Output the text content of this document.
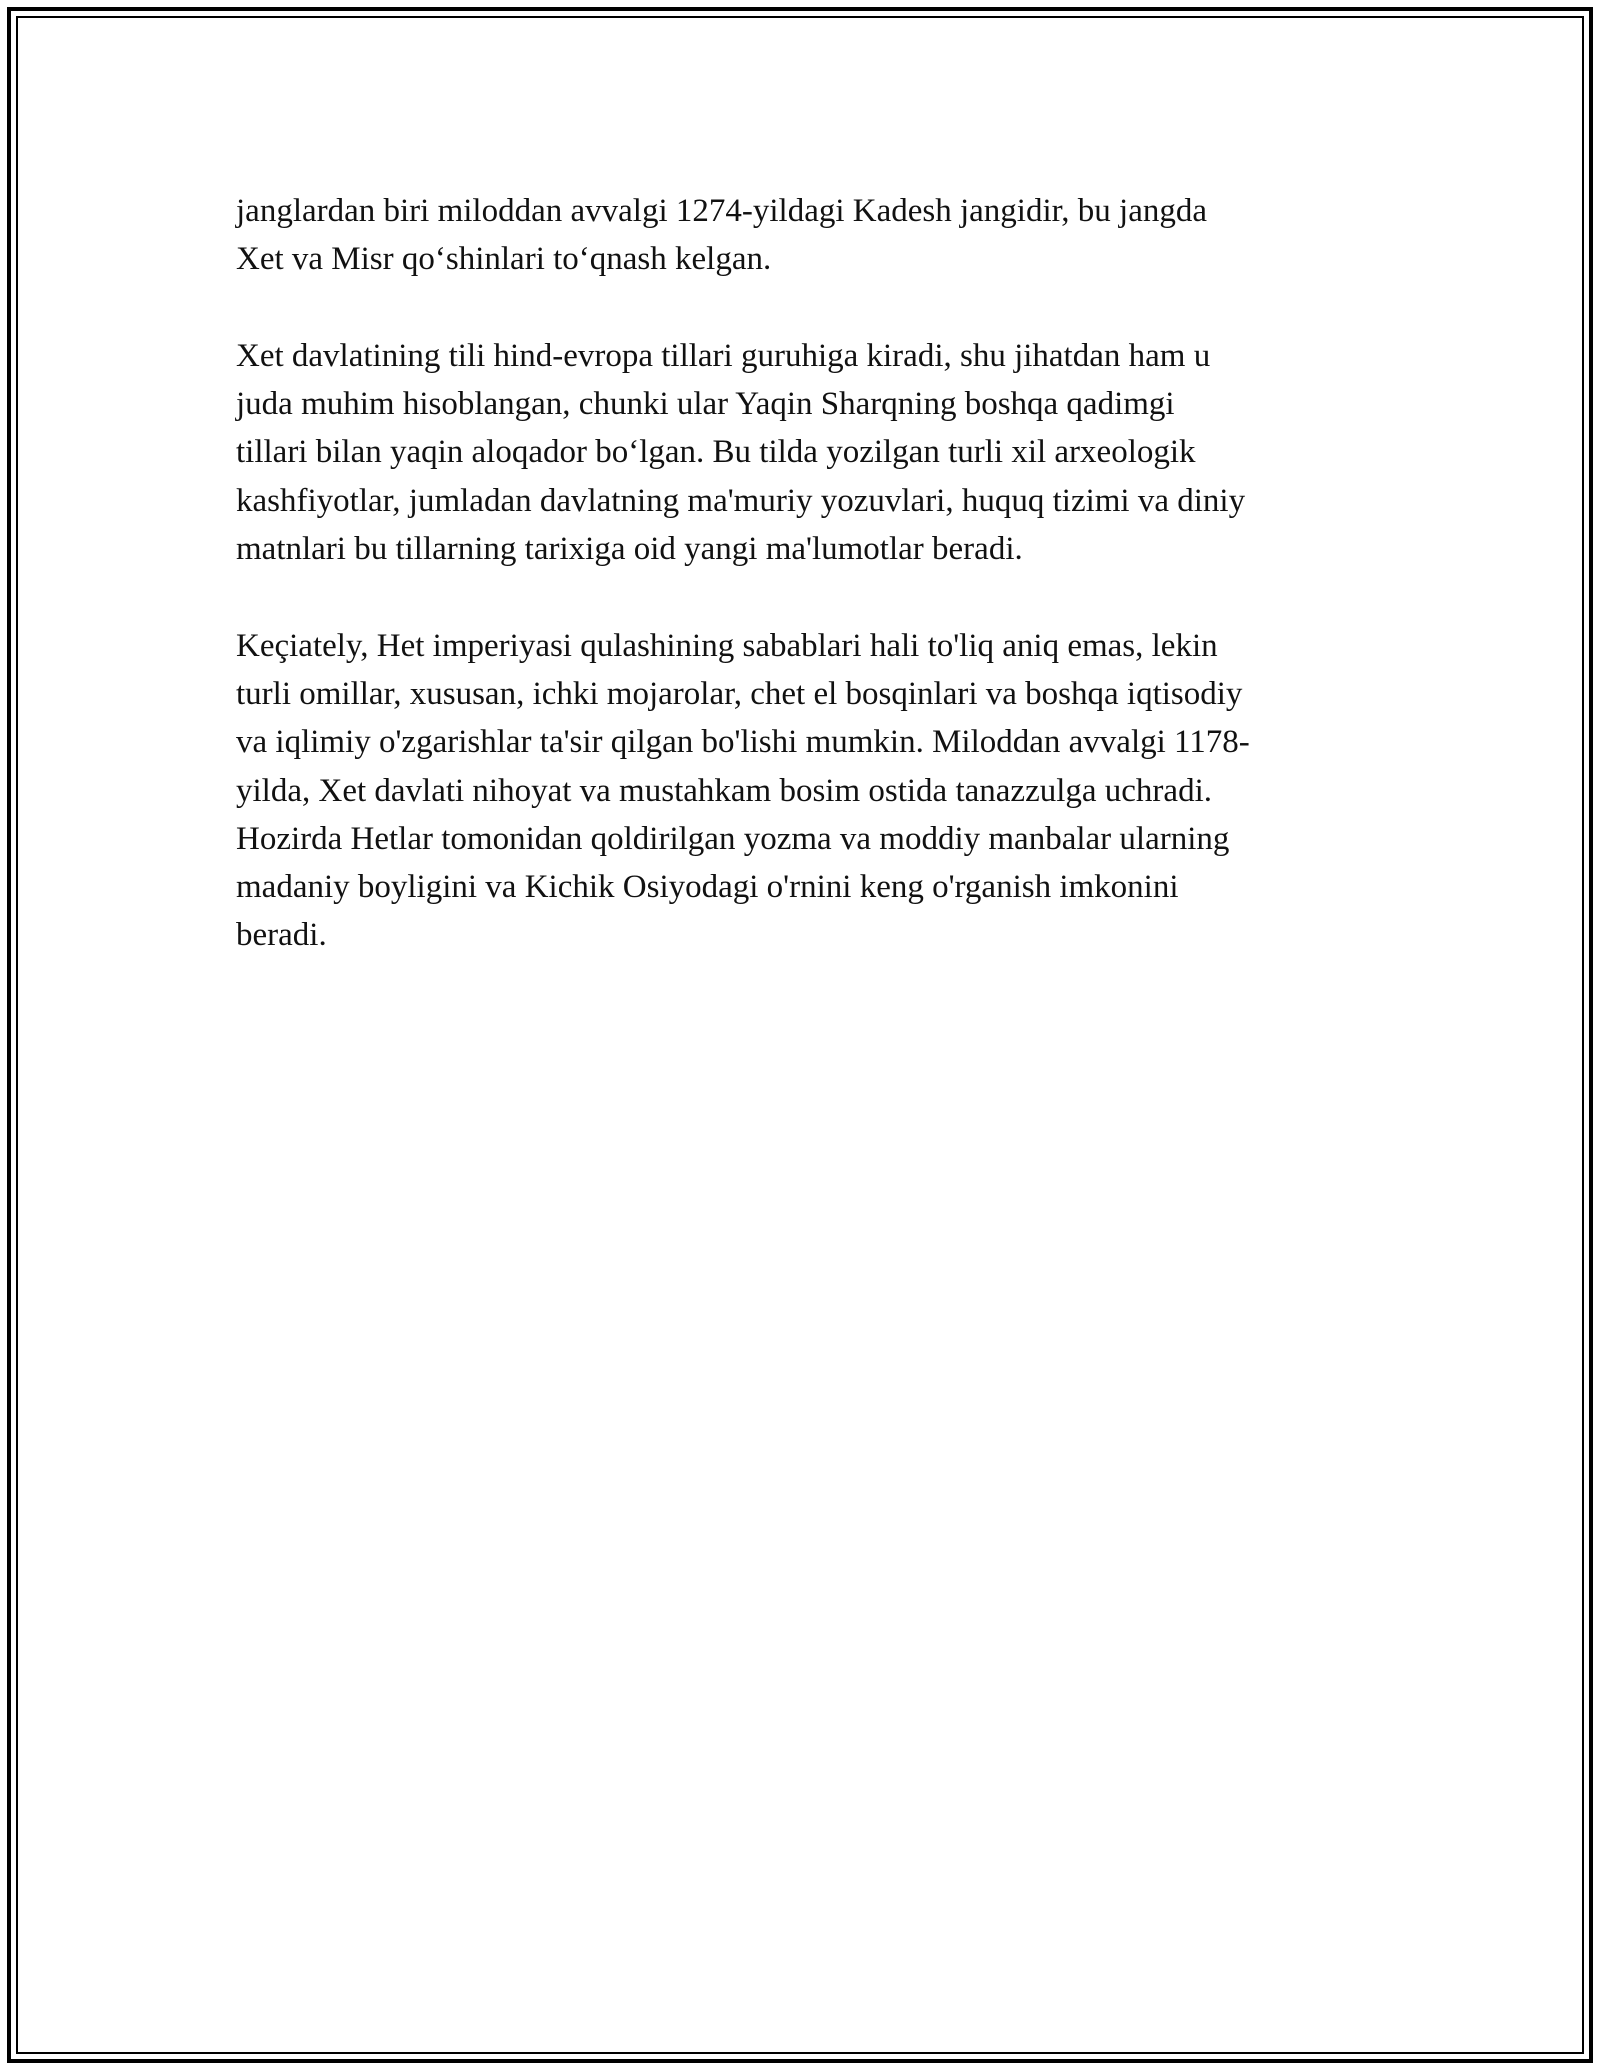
janglardan biri miloddan avvalgi 1274-yildagi Kadesh jangidir, bu jangda
Xet va Misr qo‘shinlari to‘qnash kelgan.
Xet davlatining tili hind-evropa tillari guruhiga kiradi, shu jihatdan ham u
juda muhim hisoblangan, chunki ular Yaqin Sharqning boshqa qadimgi
tillari bilan yaqin aloqador bo‘lgan. Bu tilda yozilgan turli xil arxeologik
kashfiyotlar, jumladan davlatning ma'muriy yozuvlari, huquq tizimi va diniy
matnlari bu tillarning tarixiga oid yangi ma'lumotlar beradi.
Keçiately, Het imperiyasi qulashining sabablari hali to'liq aniq emas, lekin
turli omillar, xususan, ichki mojarolar, chet el bosqinlari va boshqa iqtisodiy
va iqlimiy o'zgarishlar ta'sir qilgan bo'lishi mumkin. Miloddan avvalgi 1178-
yilda, Xet davlati nihoyat va mustahkam bosim ostida tanazzulga uchradi.
Hozirda Hetlar tomonidan qoldirilgan yozma va moddiy manbalar ularning
madaniy boyligini va Kichik Osiyodagi o'rnini keng o'rganish imkonini
beradi.
